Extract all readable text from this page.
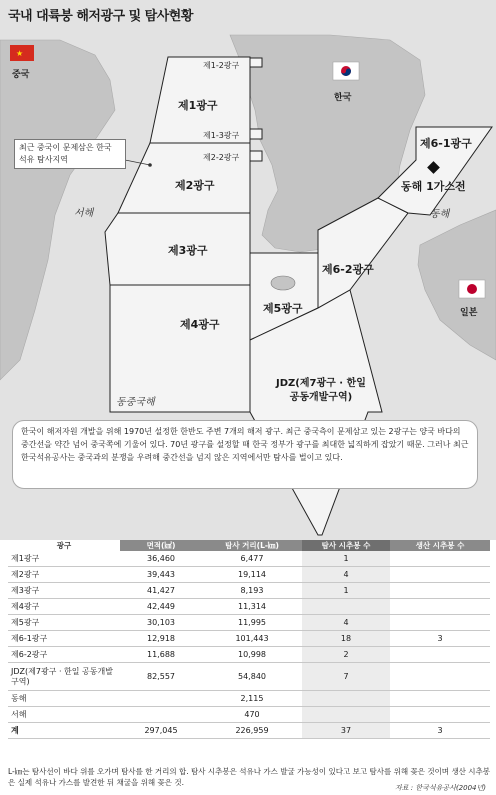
★
국내 대륙붕 해저광구 및 탐사현황
중국
한국
일본
서해	동해
동중국해
제1광구
제1-2광구
제1-3광구
제2-2광구
제2광구
제3광구
제4광구
제5광구
제6-2광구
제6-1광구
동해 1가스전
JDZ(제7광구 · 한일
공동개발구역)
최근 중국이 문제삼은 한국 석유 탐사지역
한국이 해저자원 개발을 위해 1970년 설정한 한반도 주변 7개의 해저 광구. 최근 중국측이 문제삼고 있는 2광구는 양국 바다의 중간선을 약간 넘어 중국쪽에 기울어 있다. 70년 광구를 설정할 때 한국 정부가 광구를 최대한 넓직하게 잡았기 때문. 그러나 최근 한국석유공사는 중국과의 분쟁을 우려해 중간선을 넘지 않은 지역에서만 탐사를 벌이고 있다.
광구	면적(㎢)	탐사 거리(L-㎞)	탐사 시추봉 수	생산 시추봉 수
제1광구	36,460	6,477	1	
제2광구	39,443	19,114	4	
제3광구	41,427	8,193	1	
제4광구	42,449	11,314		
제5광구	30,103	11,995	4	
제6-1광구	12,918	101,443	18	3
제6-2광구	11,688	10,998	2	
JDZ(제7광구 · 한일 공동개발구역)	82,557	54,840	7	
동해		2,115		
서해		470		
계	297,045	226,959	37	3
L-㎞는 탐사선이 바다 위를 오가며 탐사를 한 거리의 합. 탐사 시추봉은 석유나 가스 발굴 가능성이 있다고 보고 탐사를 위해 꽂은 것이며 생산 시추봉은 실제 석유나 가스를 발견한 뒤 채굴을 위해 꽂은 것.
자료 : 한국석유공사(2004년)
